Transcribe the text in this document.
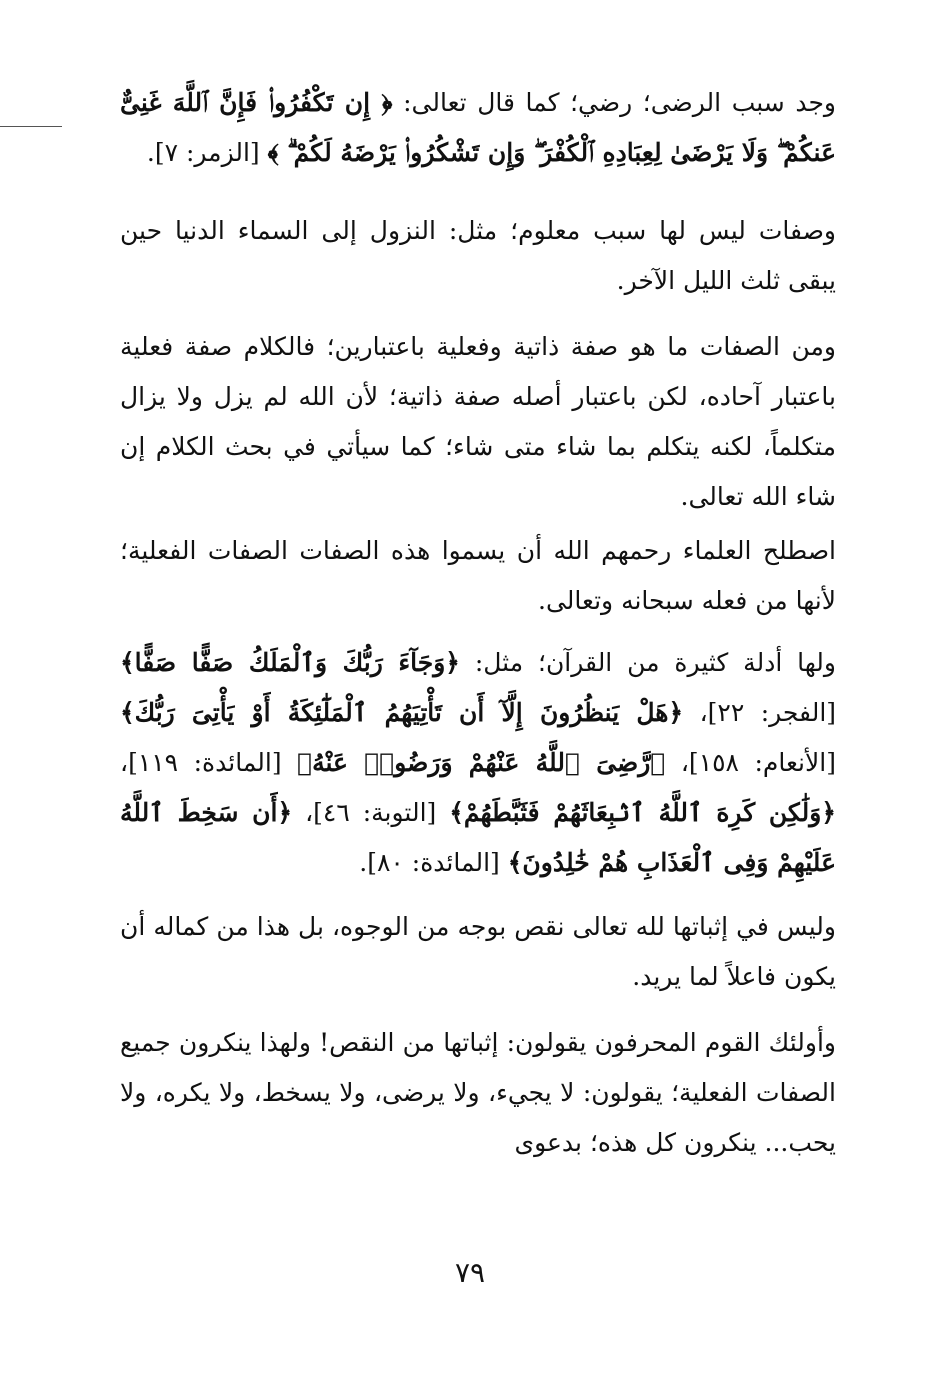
وجد سبب الرضى؛ رضي؛ كما قال تعالى: ﴿ إِن تَكْفُرُوا۟ فَإِنَّ ٱللَّهَ غَنِىٌّ عَنكُمْ ۖ وَلَا يَرْضَىٰ لِعِبَادِهِ ٱلْكُفْرَ ۖ وَإِن تَشْكُرُوا۟ يَرْضَهُ لَكُمْ ۗ ﴾ [الزمر: ٧].

وصفات ليس لها سبب معلوم؛ مثل: النزول إلى السماء الدنيا حين يبقى ثلث الليل الآخر.

ومن الصفات ما هو صفة ذاتية وفعلية باعتبارين؛ فالكلام صفة فعلية باعتبار آحاده، لكن باعتبار أصله صفة ذاتية؛ لأن الله لم يزل ولا يزال متكلماً، لكنه يتكلم بما شاء متى شاء؛ كما سيأتي في بحث الكلام إن شاء الله تعالى.

اصطلح العلماء رحمهم الله أن يسموا هذه الصفات الصفات الفعلية؛ لأنها من فعله سبحانه وتعالى.

ولها أدلة كثيرة من القرآن؛ مثل: ﴿وَجَآءَ رَبُّكَ وَٱلْمَلَكُ صَفًّا صَفًّا﴾ [الفجر: ٢٢]، ﴿هَلْ يَنظُرُونَ إِلَّآ أَن تَأْتِيَهُمُ ٱلْمَلَٰٓئِكَةُ أَوْ يَأْتِىَ رَبُّكَ﴾ [الأنعام: ١٥٨]، ﴿رَّضِىَ ٱللَّهُ عَنْهُمْ وَرَضُوا۟ عَنْهُ﴾ [المائدة: ١١٩]، ﴿وَلَٰكِن كَرِهَ ٱللَّهُ ٱنۢبِعَاثَهُمْ فَثَبَّطَهُمْ﴾ [التوبة: ٤٦]، ﴿أَن سَخِطَ ٱللَّهُ عَلَيْهِمْ وَفِى ٱلْعَذَابِ هُمْ خَٰلِدُونَ﴾ [المائدة: ٨٠].

وليس في إثباتها لله تعالى نقص بوجه من الوجوه، بل هذا من كماله أن يكون فاعلاً لما يريد.

وأولئك القوم المحرفون يقولون: إثباتها من النقص! ولهذا ينكرون جميع الصفات الفعلية؛ يقولون: لا يجيء، ولا يرضى، ولا يسخط، ولا يكره، ولا يحب... ينكرون كل هذه؛ بدعوى

٧٩
